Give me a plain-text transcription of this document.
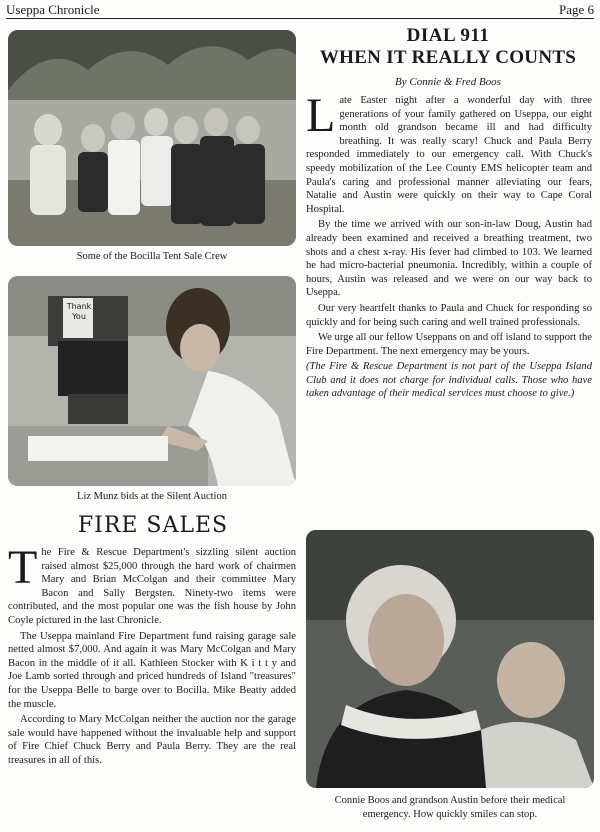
Useppa Chronicle	Page 6
Some of the Bocilla Tent Sale Crew
Thank You
Liz Munz bids at the Silent Auction
DIAL 911
WHEN IT REALLY COUNTS
By Connie & Fred Boos

Late Easter night after a wonderful day with three generations of your family gathered on Useppa, our eight month old grandson became ill and had difficulty breathing. It was really scary! Chuck and Paula Berry responded immediately to our emergency call. With Chuck's speedy mobilization of the Lee County EMS helicopter team and Paula's caring and professional manner alleviating our fears, Natalie and Austin were quickly on their way to Cape Coral Hospital.

By the time we arrived with our son-in-law Doug, Austin had already been examined and received a breathing treatment, two shots and a chest x-ray. His fever had climbed to 103. We learned he had micro-bacterial pneumonia. Incredibly, within a couple of hours, Austin was released and we were on our way back to Useppa.

Our very heartfelt thanks to Paula and Chuck for responding so quickly and for being such caring and well trained professionals.

We urge all our fellow Useppans on and off island to support the Fire Department. The next emergency may be yours.

(The Fire & Rescue Department is not part of the Useppa Island Club and it does not charge for individual calls. Those who have taken advantage of their medical services must choose to give.)

FIRE SALES

The Fire & Rescue Department's sizzling silent auction raised almost $25,000 through the hard work of chairmen Mary and Brian McColgan and their committee Mary Bacon and Sally Bergsten. Ninety-two items were contributed, and the most popular one was the fish house by John Coyle pictured in the last Chronicle.

The Useppa mainland Fire Department fund raising garage sale netted almost $7,000. And again it was Mary McColgan and Mary Bacon in the middle of it all. Kathleen Stocker with K i t t y and Joe Lamb sorted through and priced hundreds of Island "treasures" for the Useppa Belle to barge over to Bocilla. Mike Beatty added the muscle.

According to Mary McColgan neither the auction nor the garage sale would have happened without the invaluable help and support of Fire Chief Chuck Berry and Paula Berry. They are the real treasures in all of this.

Connie Boos and grandson Austin before their medical
emergency. How quickly smiles can stop.
